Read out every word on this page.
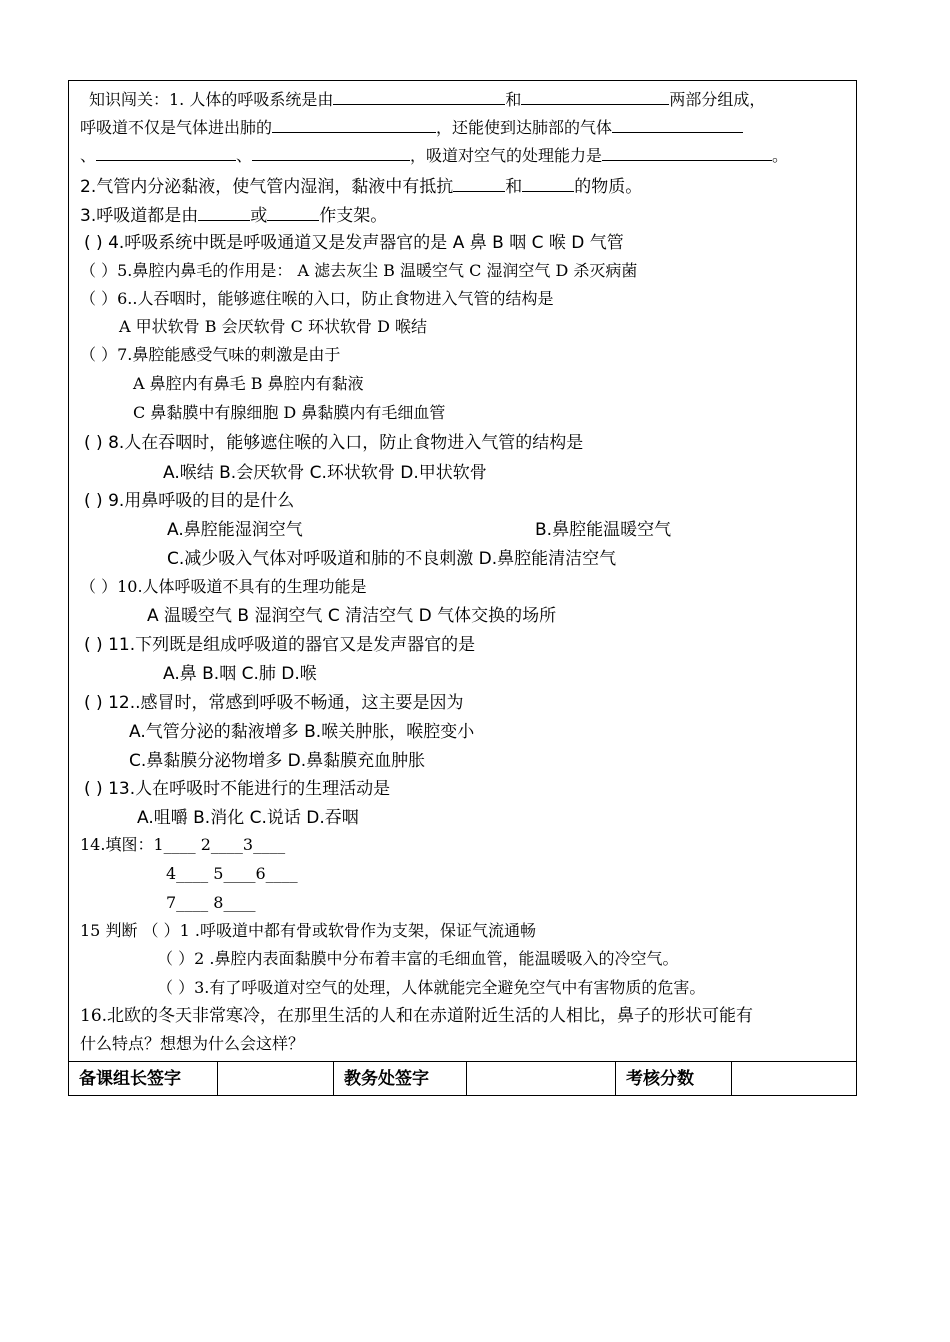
知识闯关：1. 人体的呼吸系统是由	和	两部分组成，
呼吸道不仅是气体进出肺的	，还能使到达肺部的气体
、	、	，吸道对空气的处理能力是	。
2.气管内分泌黏液，使气管内湿润，黏液中有抵抗	和	的物质。
3.呼吸道都是由	或	作支架。
( ) 4.呼吸系统中既是呼吸通道又是发声器官的是 A 鼻 B 咽 C 喉 D 气管
（ ）5.鼻腔内鼻毛的作用是： A 滤去灰尘 B 温暖空气 C 湿润空气 D 杀灭病菌
（ ）6..人吞咽时，能够遮住喉的入口，防止食物进入气管的结构是
A 甲状软骨 B 会厌软骨 C 环状软骨 D 喉结
（ ）7.鼻腔能感受气味的刺激是由于
A 鼻腔内有鼻毛 B 鼻腔内有黏液
C 鼻黏膜中有腺细胞 D 鼻黏膜内有毛细血管
( ) 8.人在吞咽时，能够遮住喉的入口，防止食物进入气管的结构是
A.喉结 B.会厌软骨 C.环状软骨 D.甲状软骨
( ) 9.用鼻呼吸的目的是什么
A.鼻腔能湿润空气	B.鼻腔能温暖空气
C.减少吸入气体对呼吸道和肺的不良刺激 D.鼻腔能清洁空气
（ ）10.人体呼吸道不具有的生理功能是
A 温暖空气 B 湿润空气 C 清洁空气 D 气体交换的场所
( ) 11.下列既是组成呼吸道的器官又是发声器官的是
A.鼻 B.咽 C.肺 D.喉
( ) 12..感冒时，常感到呼吸不畅通，这主要是因为
A.气管分泌的黏液增多 B.喉关肿胀，喉腔变小
C.鼻黏膜分泌物增多 D.鼻黏膜充血肿胀
( ) 13.人在呼吸时不能进行的生理活动是
A.咀嚼 B.消化 C.说话 D.吞咽
14.填图：1____ 2____3____
4____ 5____6____
7____ 8____
15 判断 （ ）1 .呼吸道中都有骨或软骨作为支架，保证气流通畅
（ ）2 .鼻腔内表面黏膜中分布着丰富的毛细血管，能温暖吸入的冷空气。
（ ）3.有了呼吸道对空气的处理，人体就能完全避免空气中有害物质的危害。
16.北欧的冬天非常寒冷，在那里生活的人和在赤道附近生活的人相比，鼻子的形状可能有
什么特点？想想为什么会这样？
备课组长签字	教务处签字	考核分数
